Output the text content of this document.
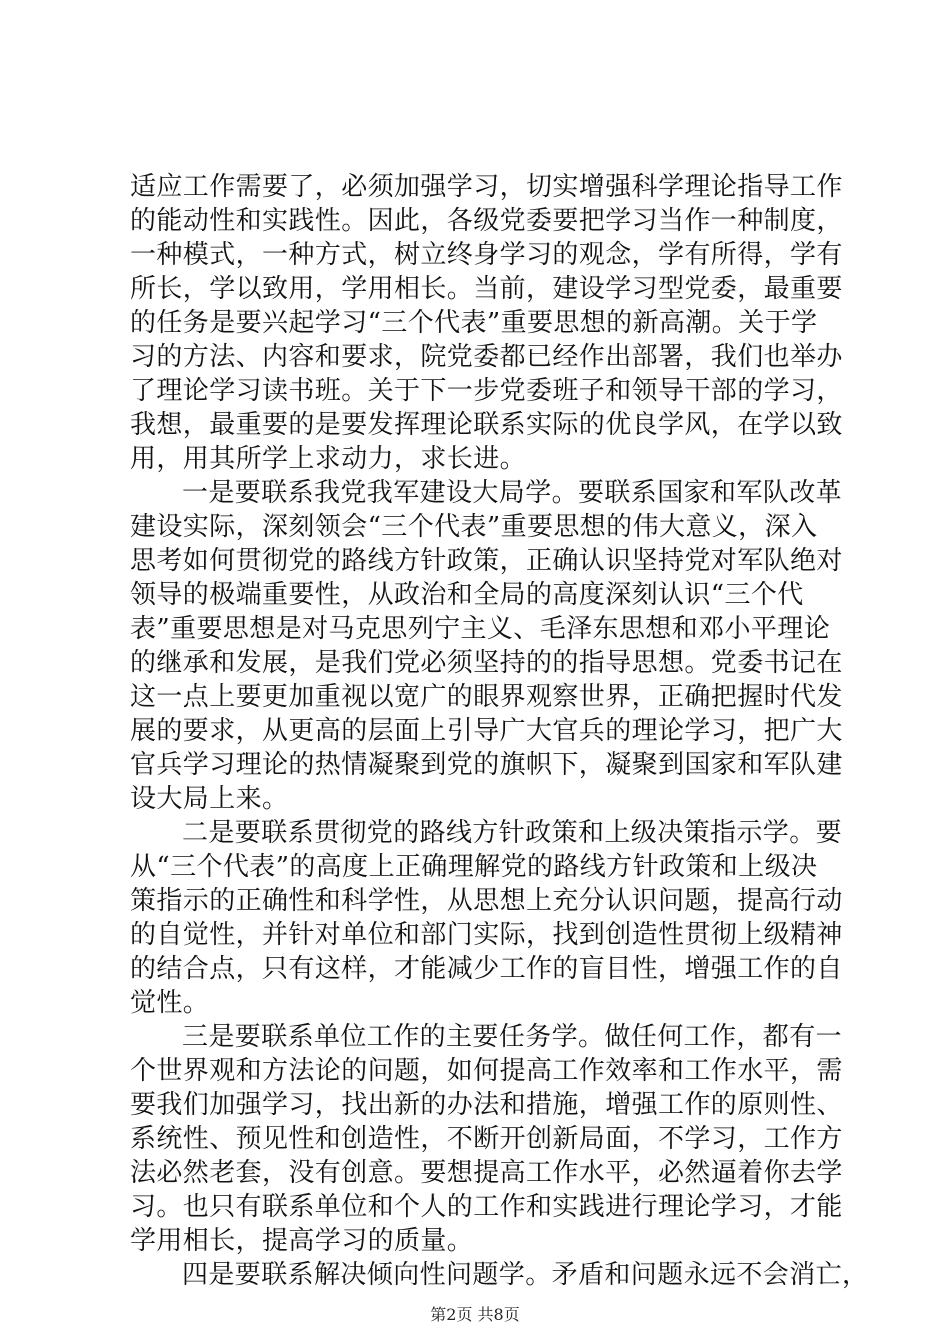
适应工作需要了，必须加强学习，切实增强科学理论指导工作
的能动性和实践性。因此，各级党委要把学习当作一种制度，
一种模式，一种方式，树立终身学习的观念，学有所得，学有
所长，学以致用，学用相长。当前，建设学习型党委，最重要
的任务是要兴起学习“三个代表”重要思想的新高潮。关于学
习的方法、内容和要求，院党委都已经作出部署，我们也举办
了理论学习读书班。关于下一步党委班子和领导干部的学习，
我想，最重要的是要发挥理论联系实际的优良学风，在学以致
用，用其所学上求动力，求长进。
一是要联系我党我军建设大局学。要联系国家和军队改革
建设实际，深刻领会“三个代表”重要思想的伟大意义，深入
思考如何贯彻党的路线方针政策，正确认识坚持党对军队绝对
领导的极端重要性，从政治和全局的高度深刻认识“三个代
表”重要思想是对马克思列宁主义、毛泽东思想和邓小平理论
的继承和发展，是我们党必须坚持的的指导思想。党委书记在
这一点上要更加重视以宽广的眼界观察世界，正确把握时代发
展的要求，从更高的层面上引导广大官兵的理论学习，把广大
官兵学习理论的热情凝聚到党的旗帜下，凝聚到国家和军队建
设大局上来。
二是要联系贯彻党的路线方针政策和上级决策指示学。要
从“三个代表”的高度上正确理解党的路线方针政策和上级决
策指示的正确性和科学性，从思想上充分认识问题，提高行动
的自觉性，并针对单位和部门实际，找到创造性贯彻上级精神
的结合点，只有这样，才能减少工作的盲目性，增强工作的自
觉性。
三是要联系单位工作的主要任务学。做任何工作，都有一
个世界观和方法论的问题，如何提高工作效率和工作水平，需
要我们加强学习，找出新的办法和措施，增强工作的原则性、
系统性、预见性和创造性，不断开创新局面，不学习，工作方
法必然老套，没有创意。要想提高工作水平，必然逼着你去学
习。也只有联系单位和个人的工作和实践进行理论学习，才能
学用相长，提高学习的质量。
四是要联系解决倾向性问题学。矛盾和问题永远不会消亡，
第2页 共8页
